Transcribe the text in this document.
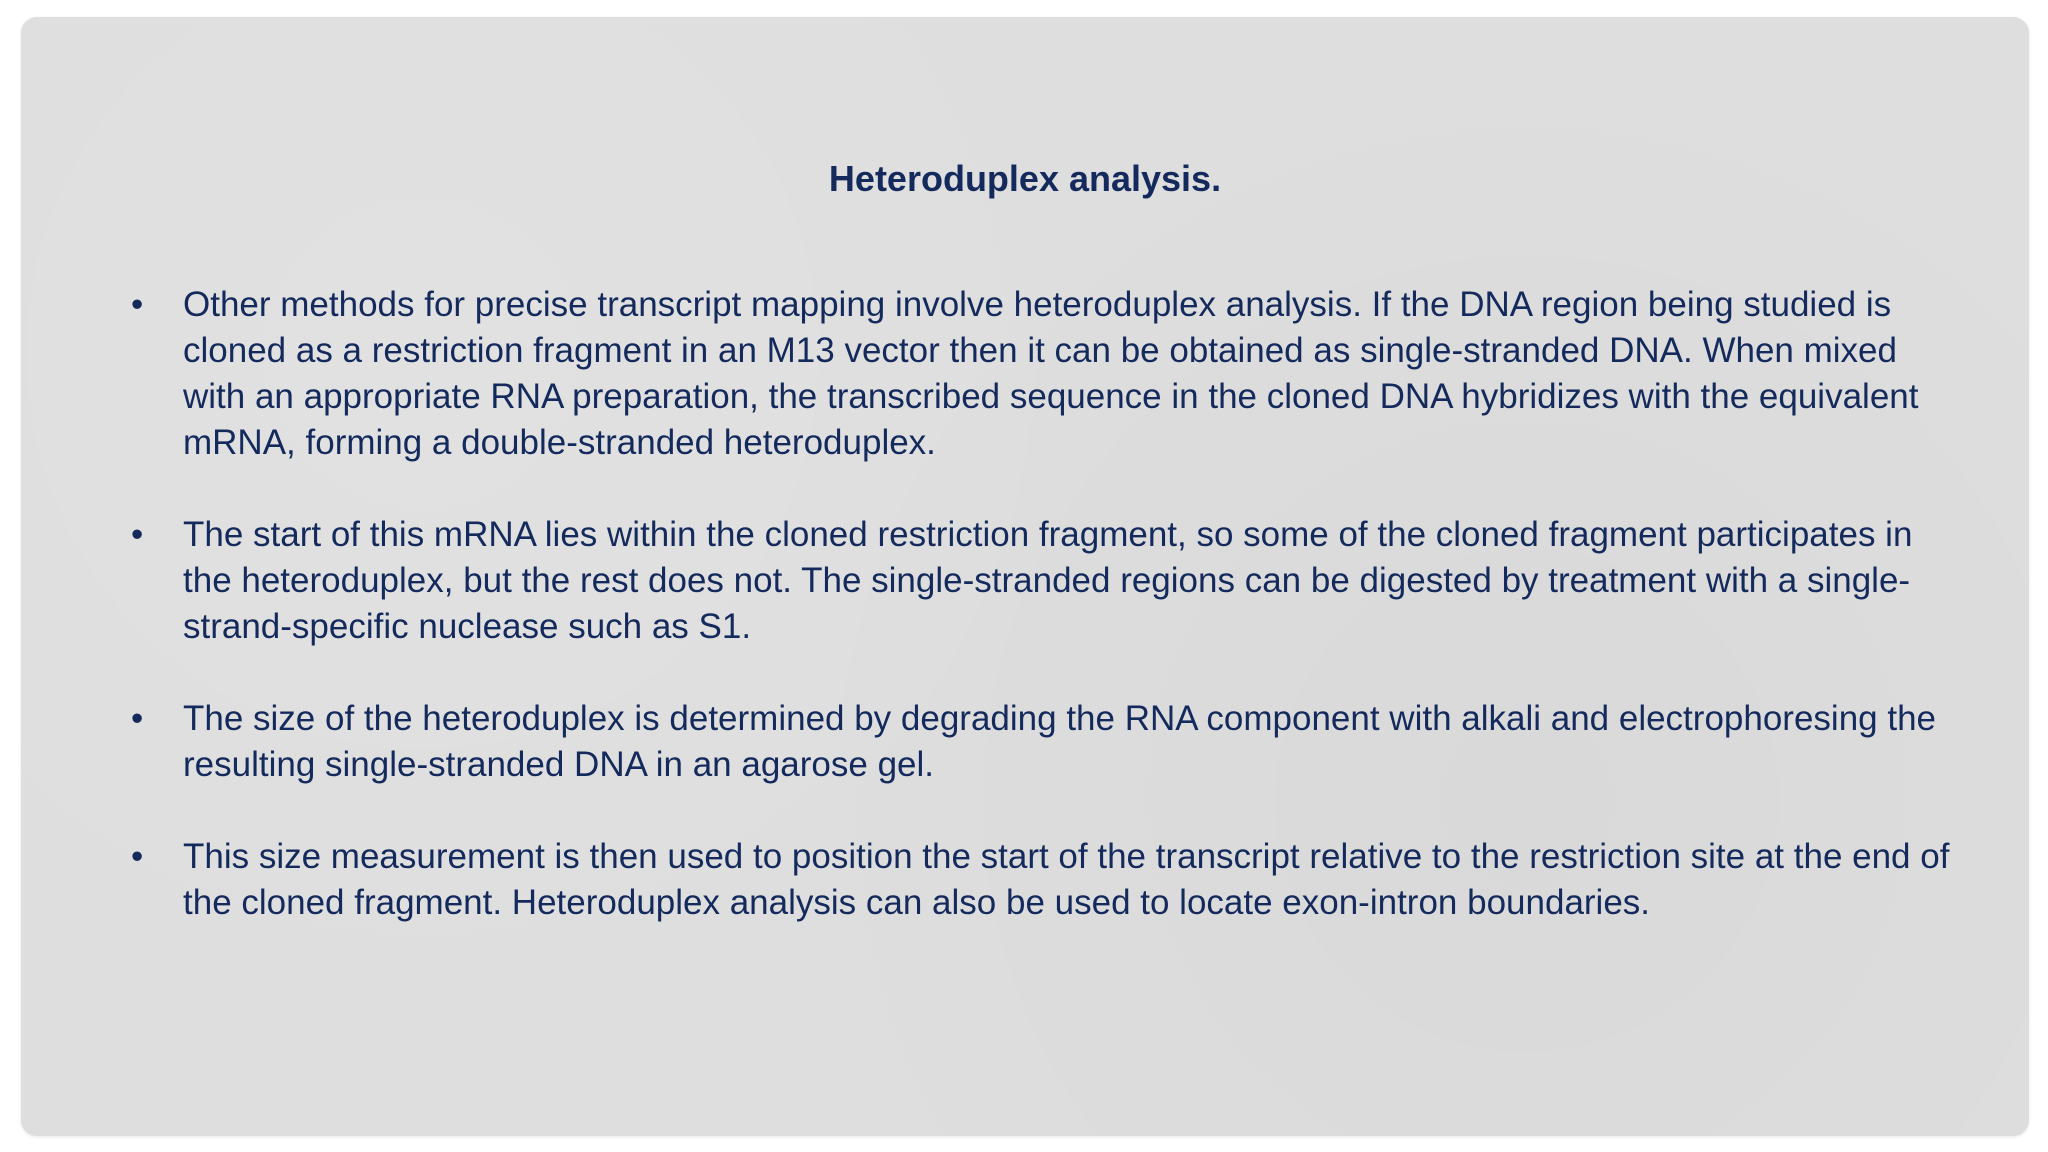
Heteroduplex analysis.
•	Other methods for precise transcript mapping involve heteroduplex analysis. If the DNA region being studied is cloned as a restriction fragment in an M13 vector then it can be obtained as single-stranded DNA. When mixed with an appropriate RNA preparation, the transcribed sequence in the cloned DNA hybridizes with the equivalent mRNA, forming a double-stranded heteroduplex.
•	The start of this mRNA lies within the cloned restriction fragment, so some of the cloned fragment participates in the heteroduplex, but the rest does not. The single-stranded regions can be digested by treatment with a single-strand-specific nuclease such as S1.
•	The size of the heteroduplex is determined by degrading the RNA component with alkali and electrophoresing the resulting single-stranded DNA in an agarose gel.
•	This size measurement is then used to position the start of the transcript relative to the restriction site at the end of the cloned fragment. Heteroduplex analysis can also be used to locate exon-intron boundaries.
